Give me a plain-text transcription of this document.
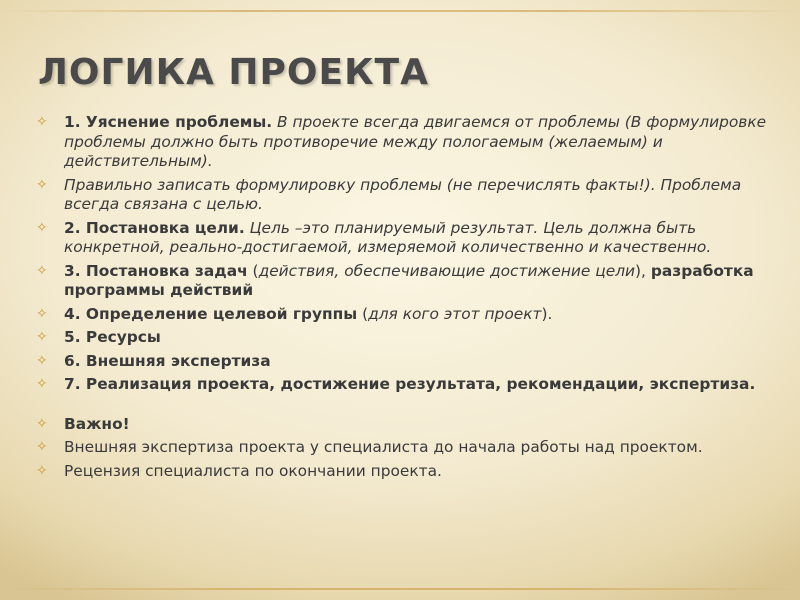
ЛОГИКА ПРОЕКТА
✧ 1. Уяснение проблемы. В проекте всегда двигаемся от проблемы (В формулировке проблемы должно быть противоречие между пологаемым (желаемым) и действительным).
✧ Правильно записать формулировку проблемы (не перечислять факты!). Проблема всегда связана с целью.
✧ 2. Постановка цели. Цель –это планируемый результат. Цель должна быть конкретной, реально-достигаемой, измеряемой количественно и качественно.
✧ 3. Постановка задач (действия, обеспечивающие достижение цели), разработка программы действий
✧ 4. Определение целевой группы (для кого этот проект).
✧ 5. Ресурсы
✧ 6. Внешняя экспертиза
✧ 7. Реализация проекта, достижение результата, рекомендации, экспертиза.
✧ Важно!
✧ Внешняя экспертиза проекта у специалиста до начала работы над проектом.
✧ Рецензия специалиста по окончании проекта.
